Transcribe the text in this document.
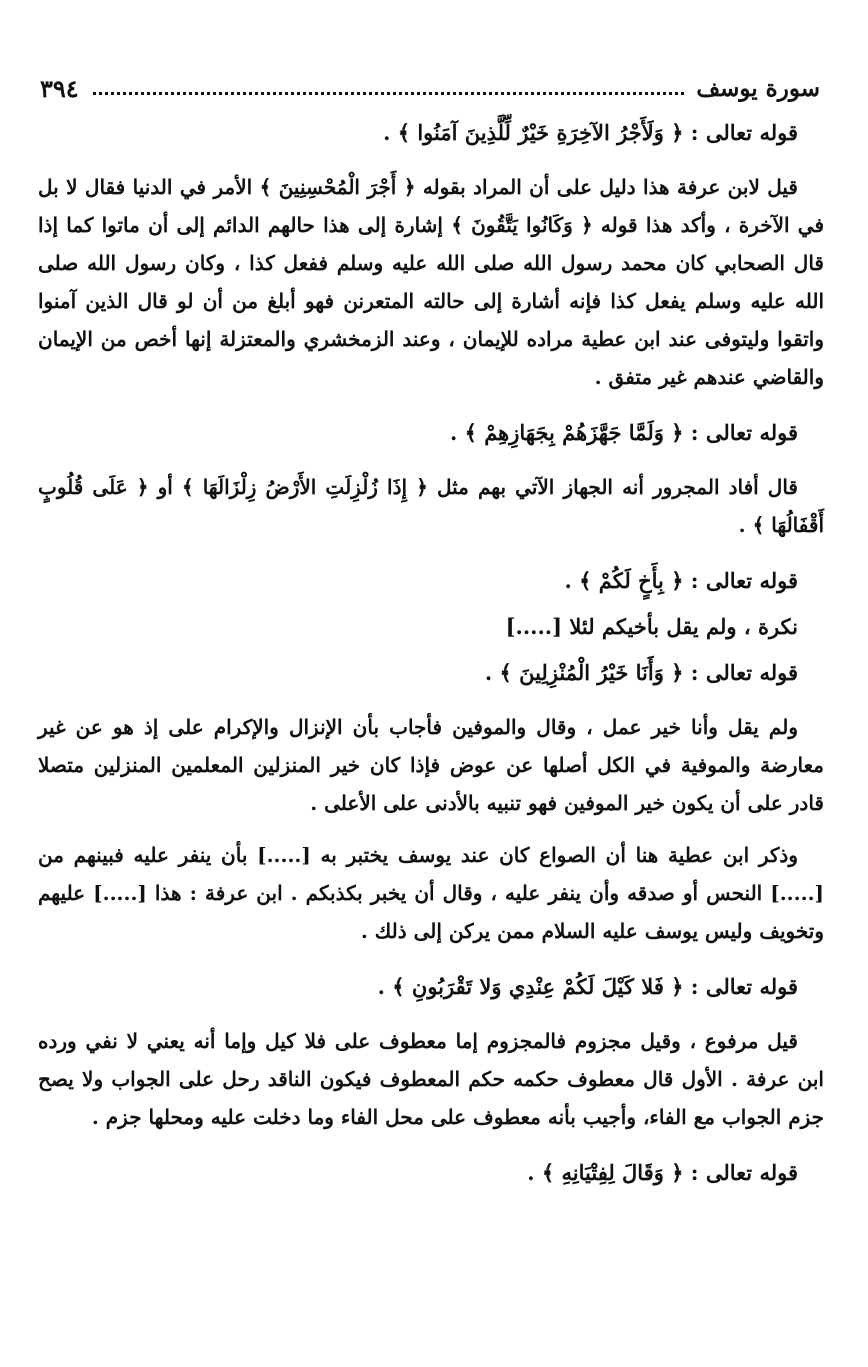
سورة يوسف
٣٩٤
قوله تعالى : ﴿ وَلَأَجْرُ الآخِرَةِ خَيْرٌ لِّلَّذِينَ آمَنُوا ﴾ .

قيل لابن عرفة هذا دليل على أن المراد بقوله ﴿ أَجْرَ الْمُحْسِنِينَ ﴾ الأمر في الدنيا فقال لا بل في الآخرة ، وأكد هذا قوله ﴿ وَكَانُوا يَتَّقُونَ ﴾ إشارة إلى هذا حالهم الدائم إلى أن ماتوا كما إذا قال الصحابي كان محمد رسول الله صلى الله عليه وسلم ففعل كذا ، وكان رسول الله صلى الله عليه وسلم يفعل كذا فإنه أشارة إلى حالته المتعرنن فهو أبلغ من أن لو قال الذين آمنوا واتقوا وليتوفى عند ابن عطية مراده للإيمان ، وعند الزمخشري والمعتزلة إنها أخص من الإيمان والقاضي عندهم غير متفق .

قوله تعالى : ﴿ وَلَمَّا جَهَّزَهُمْ بِجَهَازِهِمْ ﴾ .

قال أفاد المجرور أنه الجهاز الآتي بهم مثل ﴿ إِذَا زُلْزِلَتِ الأَرْضُ زِلْزَالَهَا ﴾ أو ﴿ عَلَى قُلُوبٍ أَقْفَالُهَا ﴾ .

قوله تعالى : ﴿ بِأَخٍ لَكُمْ ﴾ .
نكرة ، ولم يقل بأخيكم لئلا [.....]
قوله تعالى : ﴿ وَأَنَا خَيْرُ الْمُنْزِلِينَ ﴾ .

ولم يقل وأنا خير عمل ، وقال والموفين فأجاب بأن الإنزال والإكرام على إذ هو عن غير معارضة والموفية في الكل أصلها عن عوض فإذا كان خير المنزلين المعلمين المنزلين متصلا قادر على أن يكون خير الموفين فهو تنبيه بالأدنى على الأعلى .

وذكر ابن عطية هنا أن الصواع كان عند يوسف يختبر به [.....] بأن ينفر عليه فبينهم من [.....] النحس أو صدقه وأن ينفر عليه ، وقال أن يخبر بكذبكم . ابن عرفة : هذا [.....] عليهم وتخويف وليس يوسف عليه السلام ممن يركن إلى ذلك .

قوله تعالى : ﴿ فَلا كَيْلَ لَكُمْ عِنْدِي وَلا تَقْرَبُونِ ﴾ .

قيل مرفوع ، وقيل مجزوم فالمجزوم إما معطوف على فلا كيل وإما أنه يعني لا نفي ورده ابن عرفة . الأول قال معطوف حكمه حكم المعطوف فيكون الناقد رحل على الجواب ولا يصح جزم الجواب مع الفاء، وأجيب بأنه معطوف على محل الفاء وما دخلت عليه ومحلها جزم .

قوله تعالى : ﴿ وَقَالَ لِفِتْيَانِهِ ﴾ .
